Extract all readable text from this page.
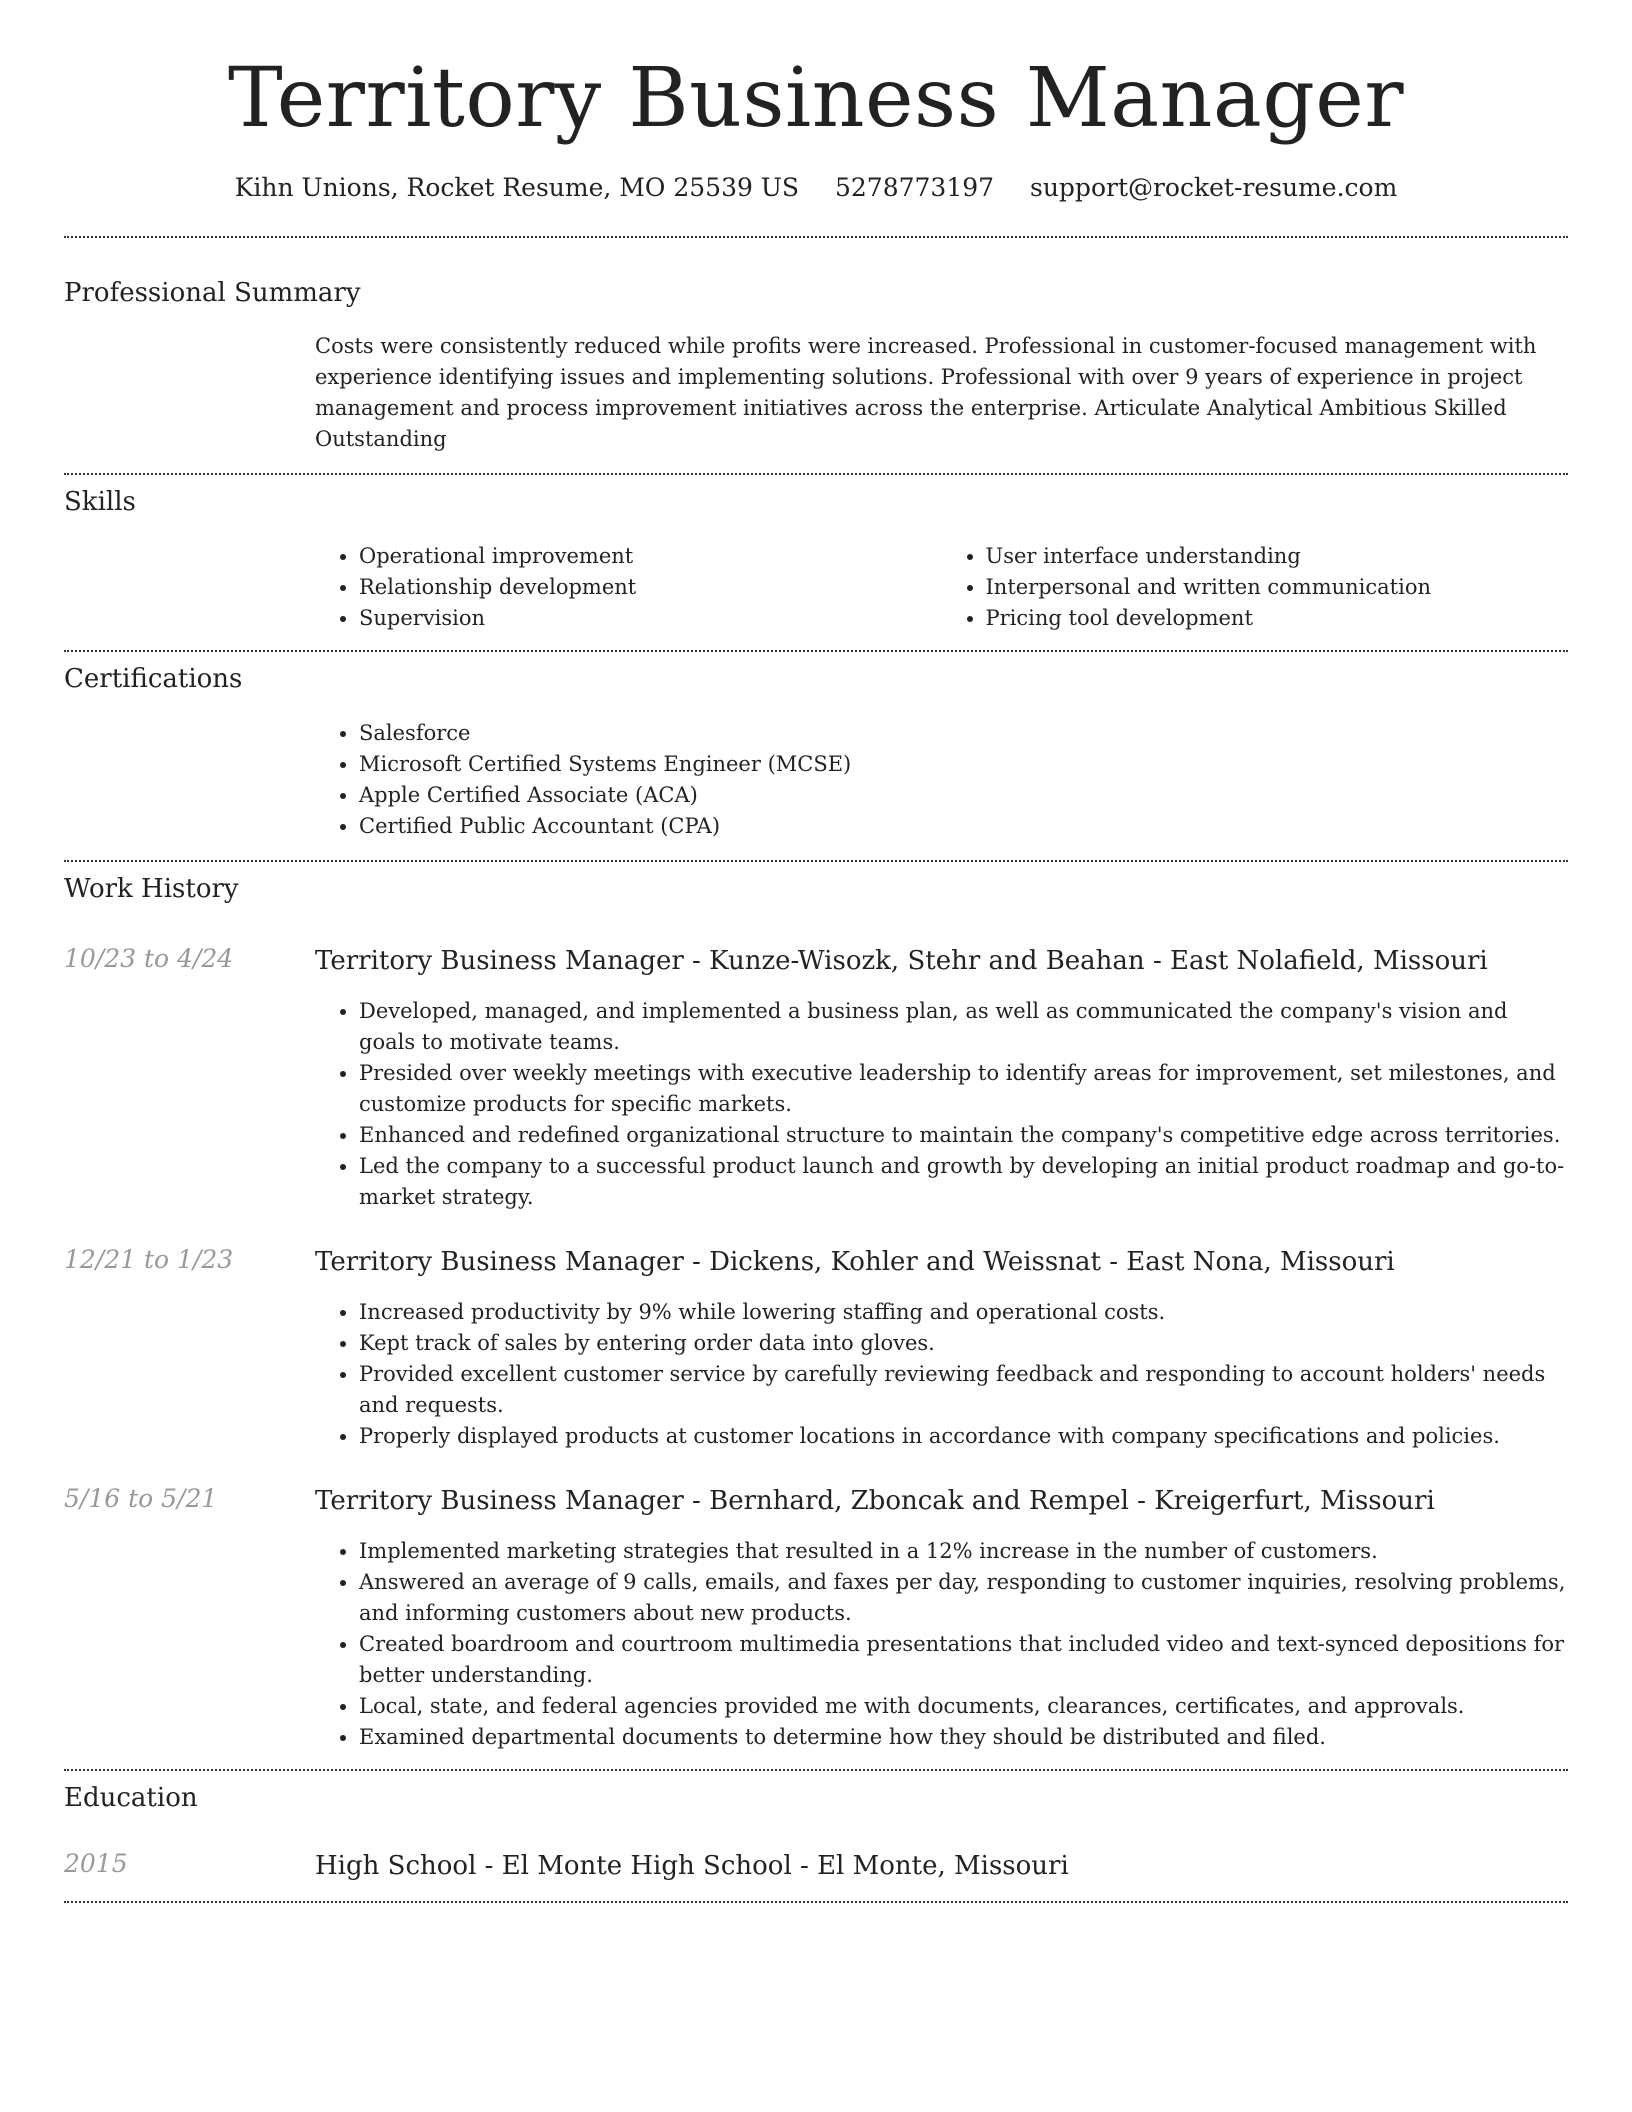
Territory Business Manager
Kihn Unions, Rocket Resume, MO 25539 US 5278773197 support@rocket-resume.com
Professional Summary
Costs were consistently reduced while profits were increased. Professional in customer-focused management with experience identifying issues and implementing solutions. Professional with over 9 years of experience in project management and process improvement initiatives across the enterprise. Articulate Analytical Ambitious Skilled Outstanding
Skills
• Operational improvement
• Relationship development
• Supervision
• User interface understanding
• Interpersonal and written communication
• Pricing tool development
Certifications
• Salesforce
• Microsoft Certified Systems Engineer (MCSE)
• Apple Certified Associate (ACA)
• Certified Public Accountant (CPA)
Work History
10/23 to 4/24	Territory Business Manager - Kunze-Wisozk, Stehr and Beahan - East Nolafield, Missouri
• Developed, managed, and implemented a business plan, as well as communicated the company's vision and goals to motivate teams.
• Presided over weekly meetings with executive leadership to identify areas for improvement, set milestones, and customize products for specific markets.
• Enhanced and redefined organizational structure to maintain the company's competitive edge across territories.
• Led the company to a successful product launch and growth by developing an initial product roadmap and go-to-market strategy.
12/21 to 1/23	Territory Business Manager - Dickens, Kohler and Weissnat - East Nona, Missouri
• Increased productivity by 9% while lowering staffing and operational costs.
• Kept track of sales by entering order data into gloves.
• Provided excellent customer service by carefully reviewing feedback and responding to account holders' needs and requests.
• Properly displayed products at customer locations in accordance with company specifications and policies.
5/16 to 5/21	Territory Business Manager - Bernhard, Zboncak and Rempel - Kreigerfurt, Missouri
• Implemented marketing strategies that resulted in a 12% increase in the number of customers.
• Answered an average of 9 calls, emails, and faxes per day, responding to customer inquiries, resolving problems, and informing customers about new products.
• Created boardroom and courtroom multimedia presentations that included video and text-synced depositions for better understanding.
• Local, state, and federal agencies provided me with documents, clearances, certificates, and approvals.
• Examined departmental documents to determine how they should be distributed and filed.
Education
2015	High School - El Monte High School - El Monte, Missouri
